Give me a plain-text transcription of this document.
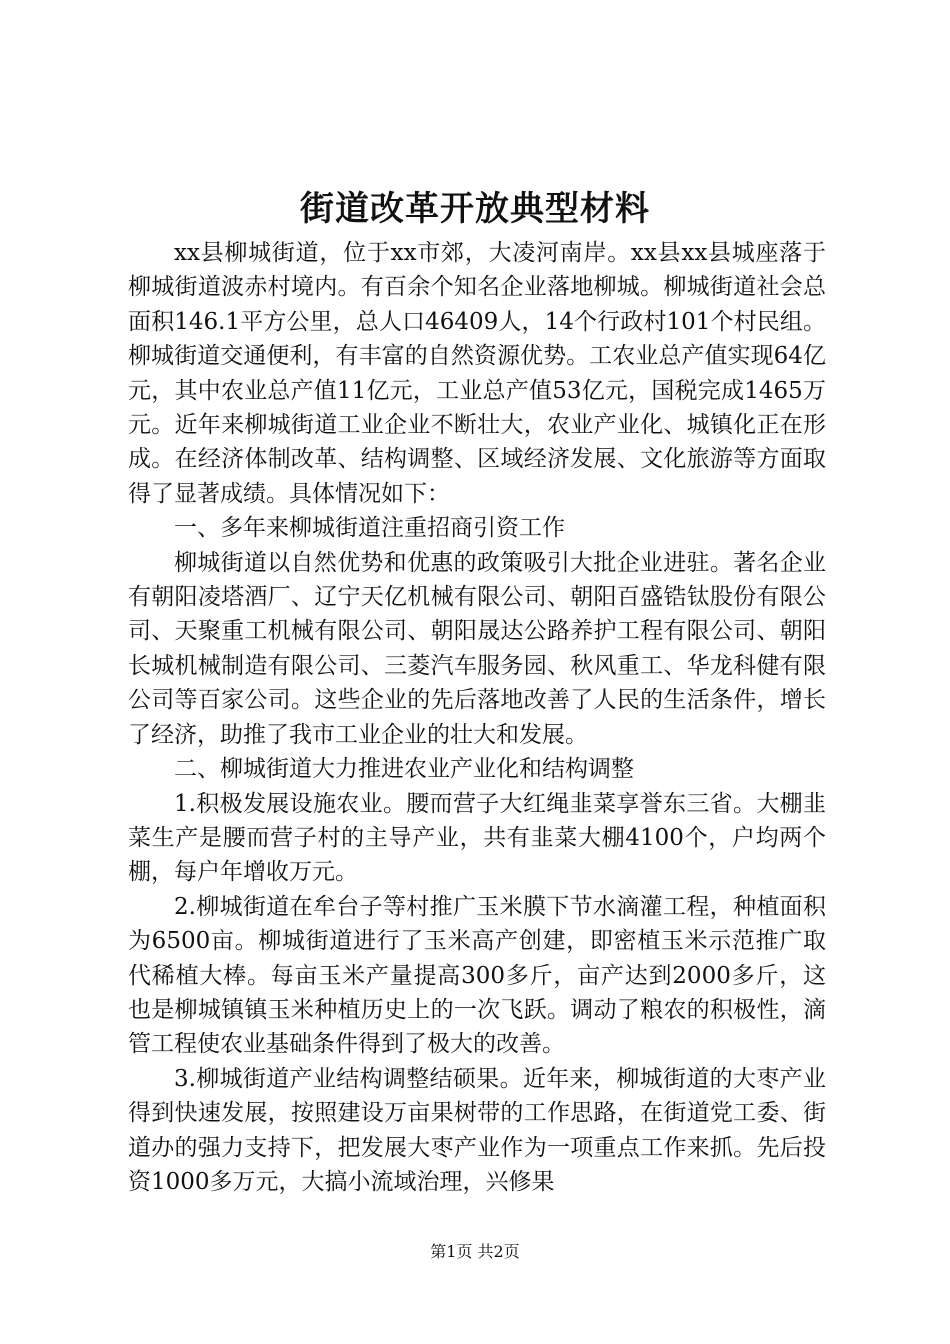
街道改革开放典型材料

xx县柳城街道，位于xx市郊，大凌河南岸。xx县xx县城座落于柳城街道波赤村境内。有百余个知名企业落地柳城。柳城街道社会总面积146.1平方公里，总人口46409人，14个行政村101个村民组。柳城街道交通便利，有丰富的自然资源优势。工农业总产值实现64亿元，其中农业总产值11亿元，工业总产值53亿元，国税完成1465万元。近年来柳城街道工业企业不断壮大，农业产业化、城镇化正在形成。在经济体制改革、结构调整、区域经济发展、文化旅游等方面取得了显著成绩。具体情况如下：

一、多年来柳城街道注重招商引资工作

柳城街道以自然优势和优惠的政策吸引大批企业进驻。著名企业有朝阳凌塔酒厂、辽宁天亿机械有限公司、朝阳百盛锆钛股份有限公司、天聚重工机械有限公司、朝阳晟达公路养护工程有限公司、朝阳长城机械制造有限公司、三菱汽车服务园、秋风重工、华龙科健有限公司等百家公司。这些企业的先后落地改善了人民的生活条件，增长了经济，助推了我市工业企业的壮大和发展。

二、柳城街道大力推进农业产业化和结构调整

1.积极发展设施农业。腰而营子大红绳韭菜享誉东三省。大棚韭菜生产是腰而营子村的主导产业，共有韭菜大棚4100个，户均两个棚，每户年增收万元。

2.柳城街道在牟台子等村推广玉米膜下节水滴灌工程，种植面积为6500亩。柳城街道进行了玉米高产创建，即密植玉米示范推广取代稀植大棒。每亩玉米产量提高300多斤，亩产达到2000多斤，这也是柳城镇镇玉米种植历史上的一次飞跃。调动了粮农的积极性，滴管工程使农业基础条件得到了极大的改善。

3.柳城街道产业结构调整结硕果。近年来，柳城街道的大枣产业得到快速发展，按照建设万亩果树带的工作思路，在街道党工委、街道办的强力支持下，把发展大枣产业作为一项重点工作来抓。先后投资1000多万元，大搞小流域治理，兴修果

第1页 共2页
